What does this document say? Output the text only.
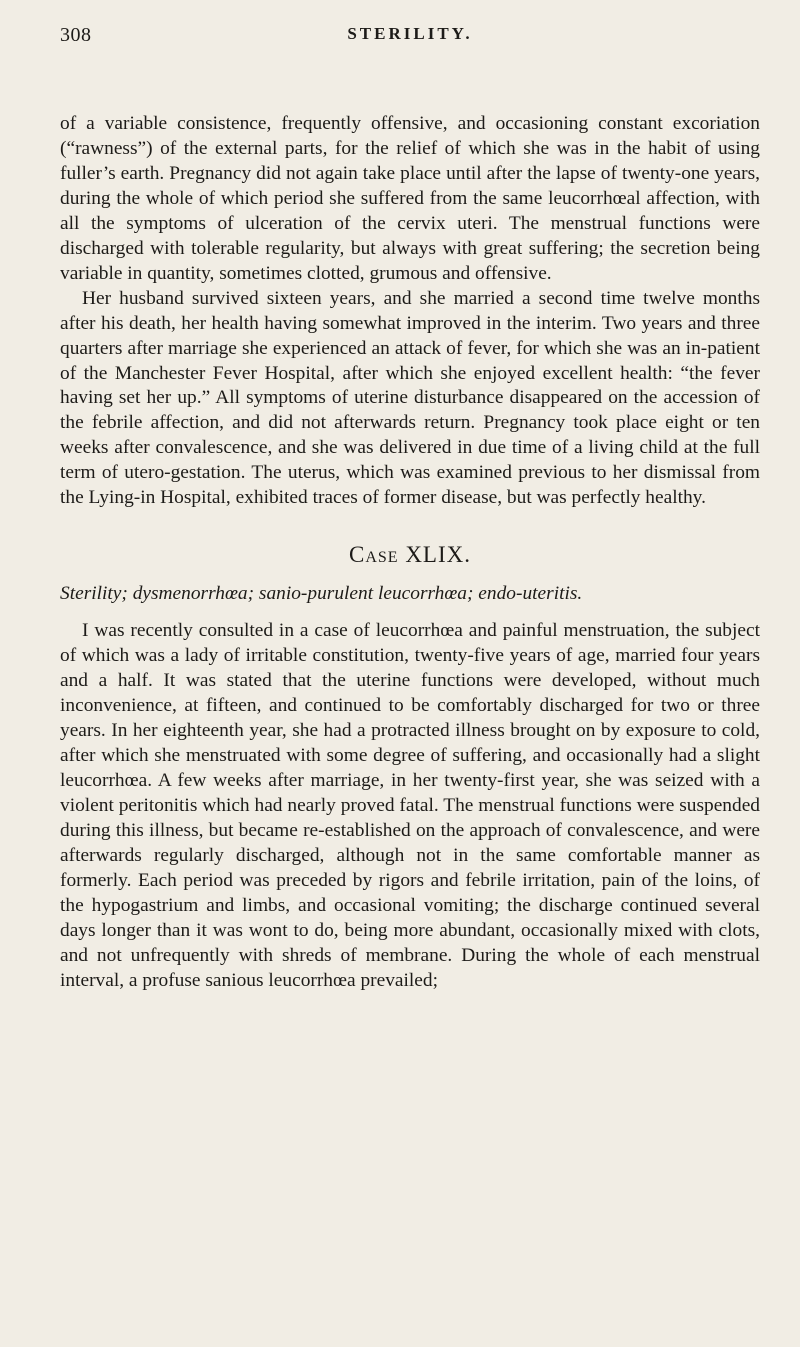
308	STERILITY.

of a variable consistence, frequently offensive, and occasioning constant excoriation (“rawness”) of the external parts, for the relief of which she was in the habit of using fuller’s earth. Pregnancy did not again take place until after the lapse of twenty-one years, during the whole of which period she suffered from the same leucorrhœal affection, with all the symptoms of ulceration of the cervix uteri. The menstrual functions were discharged with tolerable regularity, but always with great suffering; the secretion being variable in quantity, sometimes clotted, grumous and offensive.

Her husband survived sixteen years, and she married a second time twelve months after his death, her health having somewhat improved in the interim. Two years and three quarters after marriage she experienced an attack of fever, for which she was an in-patient of the Manchester Fever Hospital, after which she enjoyed excellent health: “the fever having set her up.” All symptoms of uterine disturbance disappeared on the accession of the febrile affection, and did not afterwards return. Pregnancy took place eight or ten weeks after convalescence, and she was delivered in due time of a living child at the full term of utero-gestation. The uterus, which was examined previous to her dismissal from the Lying-in Hospital, exhibited traces of former disease, but was perfectly healthy.

Case XLIX.

Sterility; dysmenorrhœa; sanio-purulent leucorrhœa; endo-uteritis.

I was recently consulted in a case of leucorrhœa and painful menstruation, the subject of which was a lady of irritable constitution, twenty-five years of age, married four years and a half. It was stated that the uterine functions were developed, without much inconvenience, at fifteen, and continued to be comfortably discharged for two or three years. In her eighteenth year, she had a protracted illness brought on by exposure to cold, after which she menstruated with some degree of suffering, and occasionally had a slight leucorrhœa. A few weeks after marriage, in her twenty-first year, she was seized with a violent peritonitis which had nearly proved fatal. The menstrual functions were suspended during this illness, but became re-established on the approach of convalescence, and were afterwards regularly discharged, although not in the same comfortable manner as formerly. Each period was preceded by rigors and febrile irritation, pain of the loins, of the hypogastrium and limbs, and occasional vomiting; the discharge continued several days longer than it was wont to do, being more abundant, occasionally mixed with clots, and not unfrequently with shreds of membrane. During the whole of each menstrual interval, a profuse sanious leucorrhœa prevailed;
